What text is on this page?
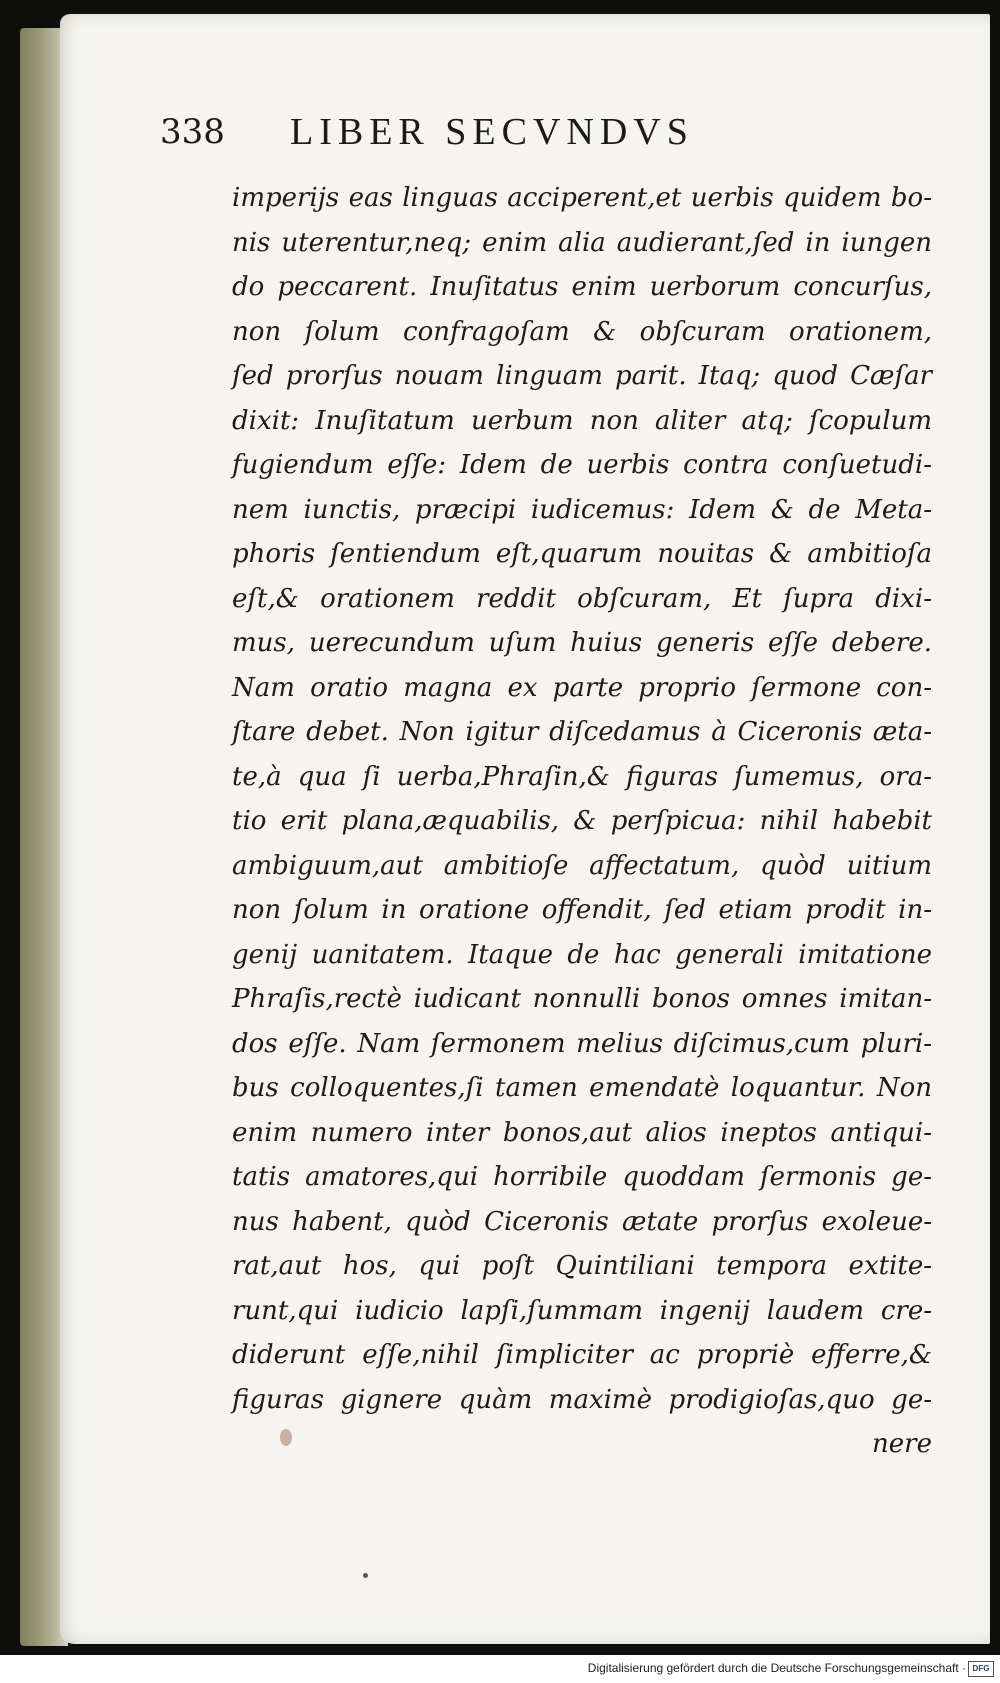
338 LIBER SECVNDVS
imperijs eas linguas acciperent,et uerbis quidem bo-
nis uterentur,neq; enim alia audierant,ſed in iungen
do peccarent. Inuſitatus enim uerborum concurſus,
non ſolum confragoſam & obſcuram orationem,
ſed prorſus nouam linguam parit. Itaq; quod Cæſar
dixit: Inuſitatum uerbum non aliter atq; ſcopulum
fugiendum eſſe: Idem de uerbis contra conſuetudi-
nem iunctis, præcipi iudicemus: Idem & de Meta-
phoris ſentiendum eſt,quarum nouitas & ambitioſa
eſt,& orationem reddit obſcuram, Et ſupra dixi-
mus, uerecundum uſum huius generis eſſe debere.
Nam oratio magna ex parte proprio ſermone con-
ſtare debet. Non igitur diſcedamus à Ciceronis æta-
te,à qua ſi uerba,Phraſin,& figuras ſumemus, ora-
tio erit plana,æquabilis, & perſpicua: nihil habebit
ambiguum,aut ambitioſe affectatum, quòd uitium
non ſolum in oratione offendit, ſed etiam prodit in-
genij uanitatem. Itaque de hac generali imitatione
Phraſis,rectè iudicant nonnulli bonos omnes imitan-
dos eſſe. Nam ſermonem melius diſcimus,cum pluri-
bus colloquentes,ſi tamen emendatè loquantur. Non
enim numero inter bonos,aut alios ineptos antiqui-
tatis amatores,qui horribile quoddam ſermonis ge-
nus habent, quòd Ciceronis ætate prorſus exoleue-
rat,aut hos, qui poſt Quintiliani tempora extite-
runt,qui iudicio lapſi,ſummam ingenij laudem cre-
diderunt eſſe,nihil ſimpliciter ac propriè efferre,&
figuras gignere quàm maximè prodigioſas,quo ge-
nere
Digitalisierung gefördert durch die Deutsche Forschungsgemeinschaft · DFG
